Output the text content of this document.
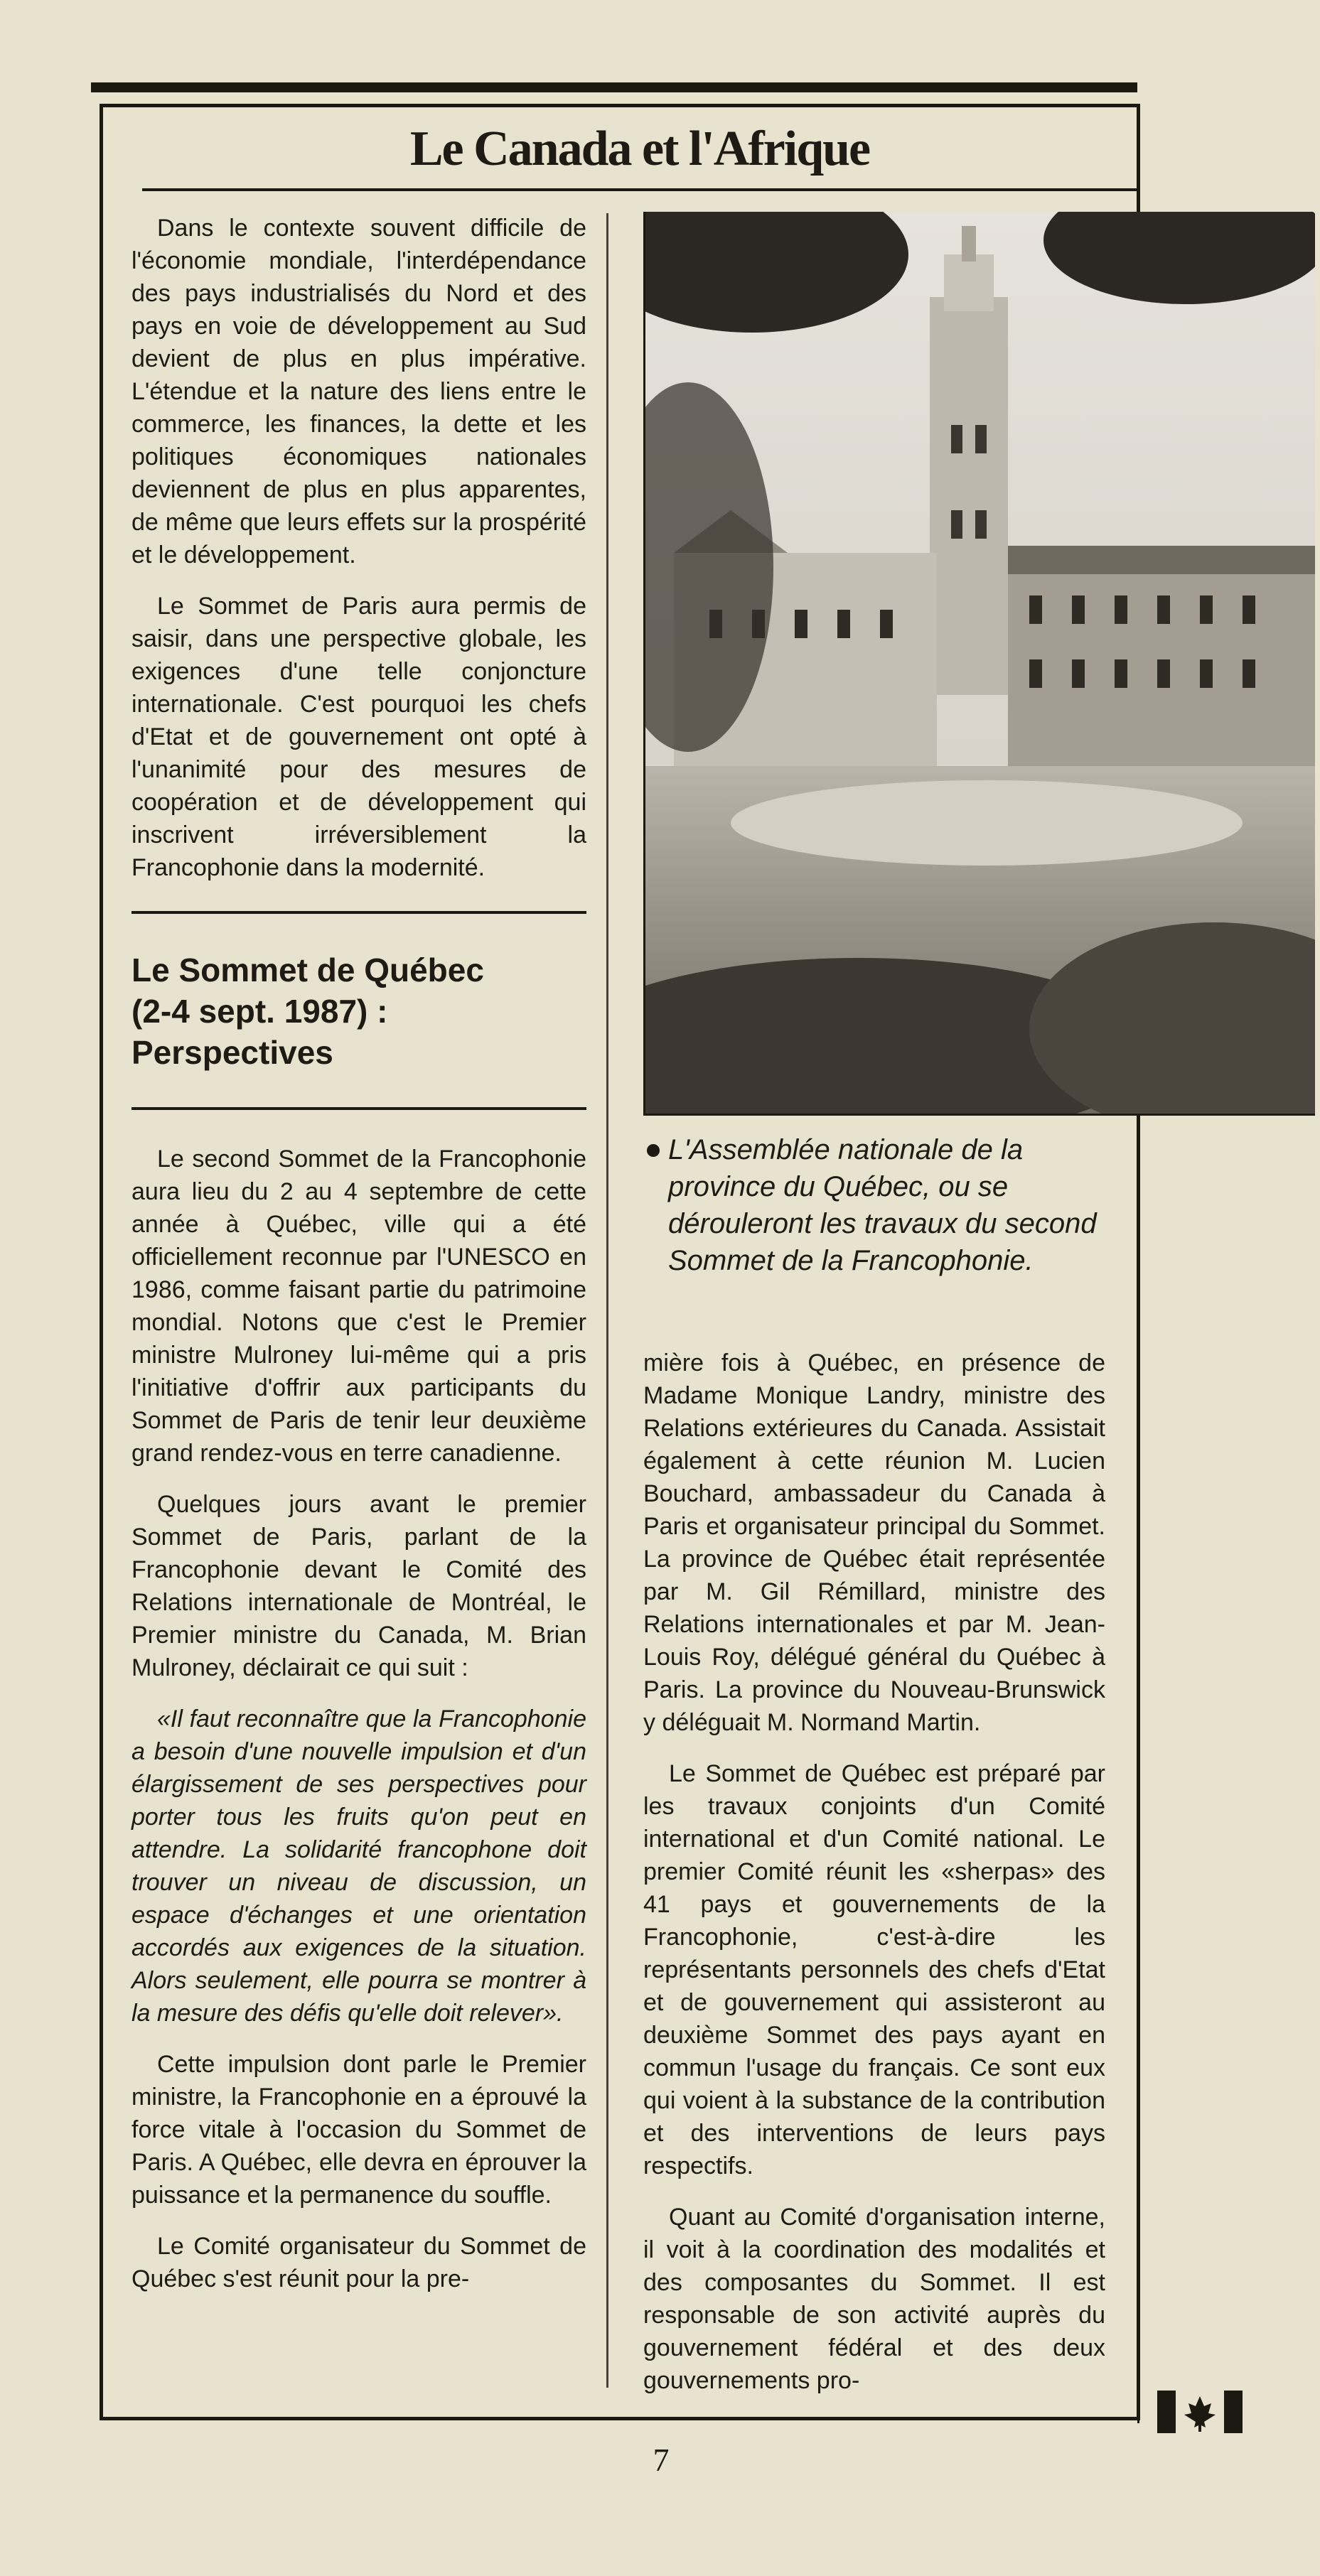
Le Canada et l'Afrique

Dans le contexte souvent difficile de l'économie mondiale, l'interdépendance des pays industrialisés du Nord et des pays en voie de développement au Sud devient de plus en plus impérative. L'étendue et la nature des liens entre le commerce, les finances, la dette et les politiques économiques nationales deviennent de plus en plus apparentes, de même que leurs effets sur la prospérité et le développement.

Le Sommet de Paris aura permis de saisir, dans une perspective globale, les exigences d'une telle conjoncture internationale. C'est pourquoi les chefs d'Etat et de gouvernement ont opté à l'unanimité pour des mesures de coopération et de développement qui inscrivent irréversiblement la Francophonie dans la modernité.

Le Sommet de Québec
(2-4 sept. 1987) :
Perspectives

Le second Sommet de la Francophonie aura lieu du 2 au 4 septembre de cette année à Québec, ville qui a été officiellement reconnue par l'UNESCO en 1986, comme faisant partie du patrimoine mondial. Notons que c'est le Premier ministre Mulroney lui-même qui a pris l'initiative d'offrir aux participants du Sommet de Paris de tenir leur deuxième grand rendez-vous en terre canadienne.

Quelques jours avant le premier Sommet de Paris, parlant de la Francophonie devant le Comité des Relations internationale de Montréal, le Premier ministre du Canada, M. Brian Mulroney, déclairait ce qui suit :

«Il faut reconnaître que la Francophonie a besoin d'une nouvelle impulsion et d'un élargissement de ses perspectives pour porter tous les fruits qu'on peut en attendre. La solidarité francophone doit trouver un niveau de discussion, un espace d'échanges et une orientation accordés aux exigences de la situation. Alors seulement, elle pourra se montrer à la mesure des défis qu'elle doit relever».

Cette impulsion dont parle le Premier ministre, la Francophonie en a éprouvé la force vitale à l'occasion du Sommet de Paris. A Québec, elle devra en éprouver la puissance et la permanence du souffle.

Le Comité organisateur du Sommet de Québec s'est réunit pour la pre-

L'Assemblée nationale de la province du Québec, ou se dérouleront les travaux du second Sommet de la Francophonie.

mière fois à Québec, en présence de Madame Monique Landry, ministre des Relations extérieures du Canada. Assistait également à cette réunion M. Lucien Bouchard, ambassadeur du Canada à Paris et organisateur principal du Sommet. La province de Québec était représentée par M. Gil Rémillard, ministre des Relations internationales et par M. Jean-Louis Roy, délégué général du Québec à Paris. La province du Nouveau-Brunswick y déléguait M. Normand Martin.

Le Sommet de Québec est préparé par les travaux conjoints d'un Comité international et d'un Comité national. Le premier Comité réunit les «sherpas» des 41 pays et gouvernements de la Francophonie, c'est-à-dire les représentants personnels des chefs d'Etat et de gouvernement qui assisteront au deuxième Sommet des pays ayant en commun l'usage du français. Ce sont eux qui voient à la substance de la contribution et des interventions de leurs pays respectifs.

Quant au Comité d'organisation interne, il voit à la coordination des modalités et des composantes du Sommet. Il est responsable de son activité auprès du gouvernement fédéral et des deux gouvernements pro-

7
